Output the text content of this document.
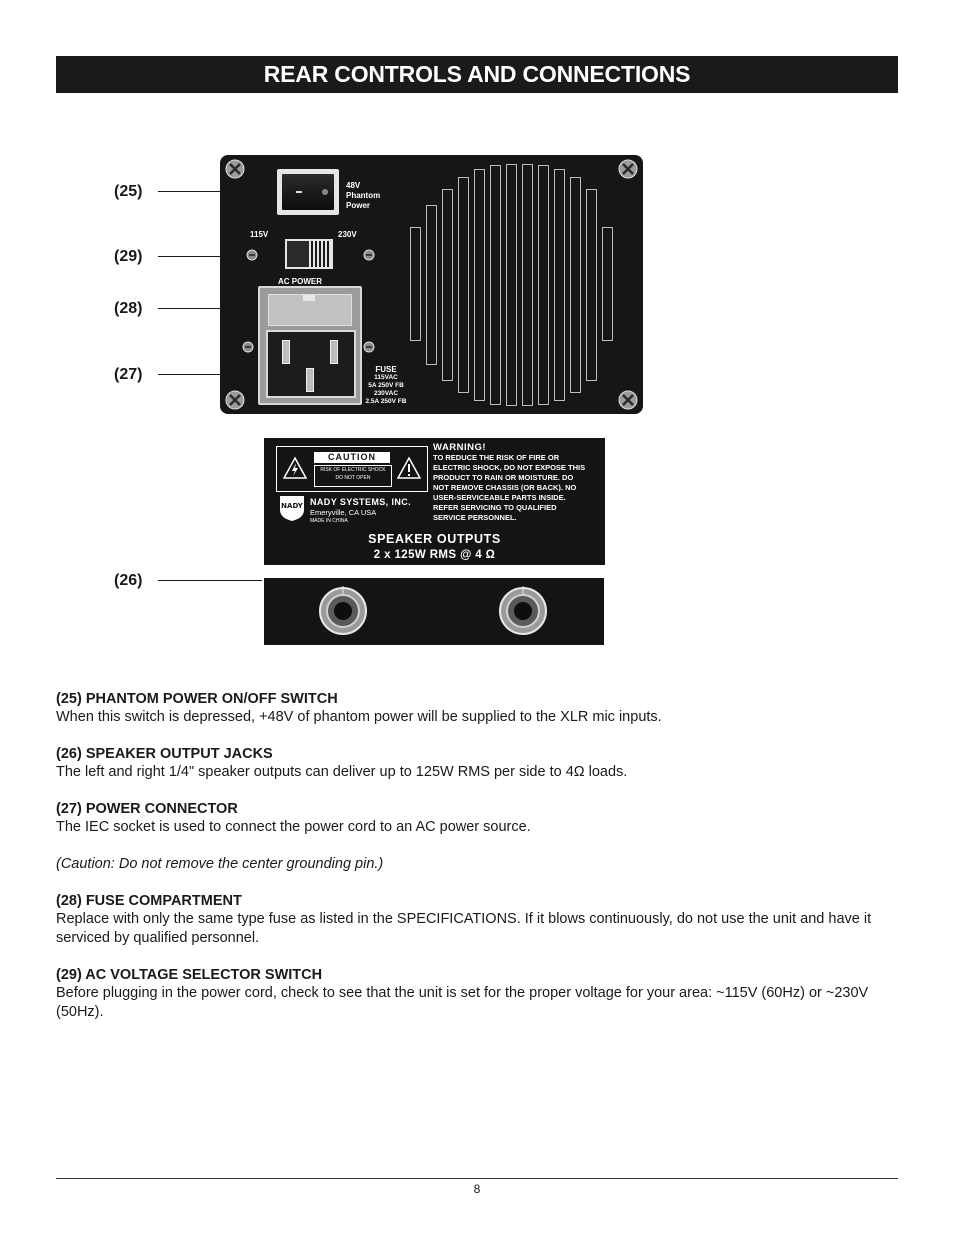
REAR CONTROLS AND CONNECTIONS
(25)
(29)
(28)
(27)
(26)
48V
Phantom
Power
115V	230V
AC POWER
FUSE
115VAC
5A 250V FB
230VAC
2.5A 250V FB
CAUTION
RISK OF ELECTRIC SHOCK
DO NOT OPEN
WARNING!
TO REDUCE THE RISK OF FIRE OR
ELECTRIC SHOCK, DO NOT EXPOSE THIS
PRODUCT TO RAIN OR MOISTURE. DO
NOT REMOVE CHASSIS (OR BACK). NO
USER-SERVICEABLE PARTS INSIDE.
REFER SERVICING TO QUALIFIED
SERVICE PERSONNEL.
NADY NADY SYSTEMS, INC.
Emeryville, CA USA
MADE IN CHINA
SPEAKER OUTPUTS
2 x 125W RMS @ 4 Ω
(25) PHANTOM POWER ON/OFF SWITCH
When this switch is depressed, +48V of phantom power will be supplied to the XLR mic inputs.
(26) SPEAKER OUTPUT JACKS
The left and right 1/4" speaker outputs can deliver up to 125W RMS per side to 4Ω loads.
(27) POWER CONNECTOR
The IEC socket is used to connect the power cord to an AC power source.
(Caution: Do not remove the center grounding pin.)
(28) FUSE COMPARTMENT
Replace with only the same type fuse as listed in the SPECIFICATIONS. If it blows continuously, do not use the unit and have it serviced by qualified personnel.
(29) AC VOLTAGE SELECTOR SWITCH
Before plugging in the power cord, check to see that the unit is set for the proper voltage for your area: ~115V (60Hz) or ~230V (50Hz).
8
